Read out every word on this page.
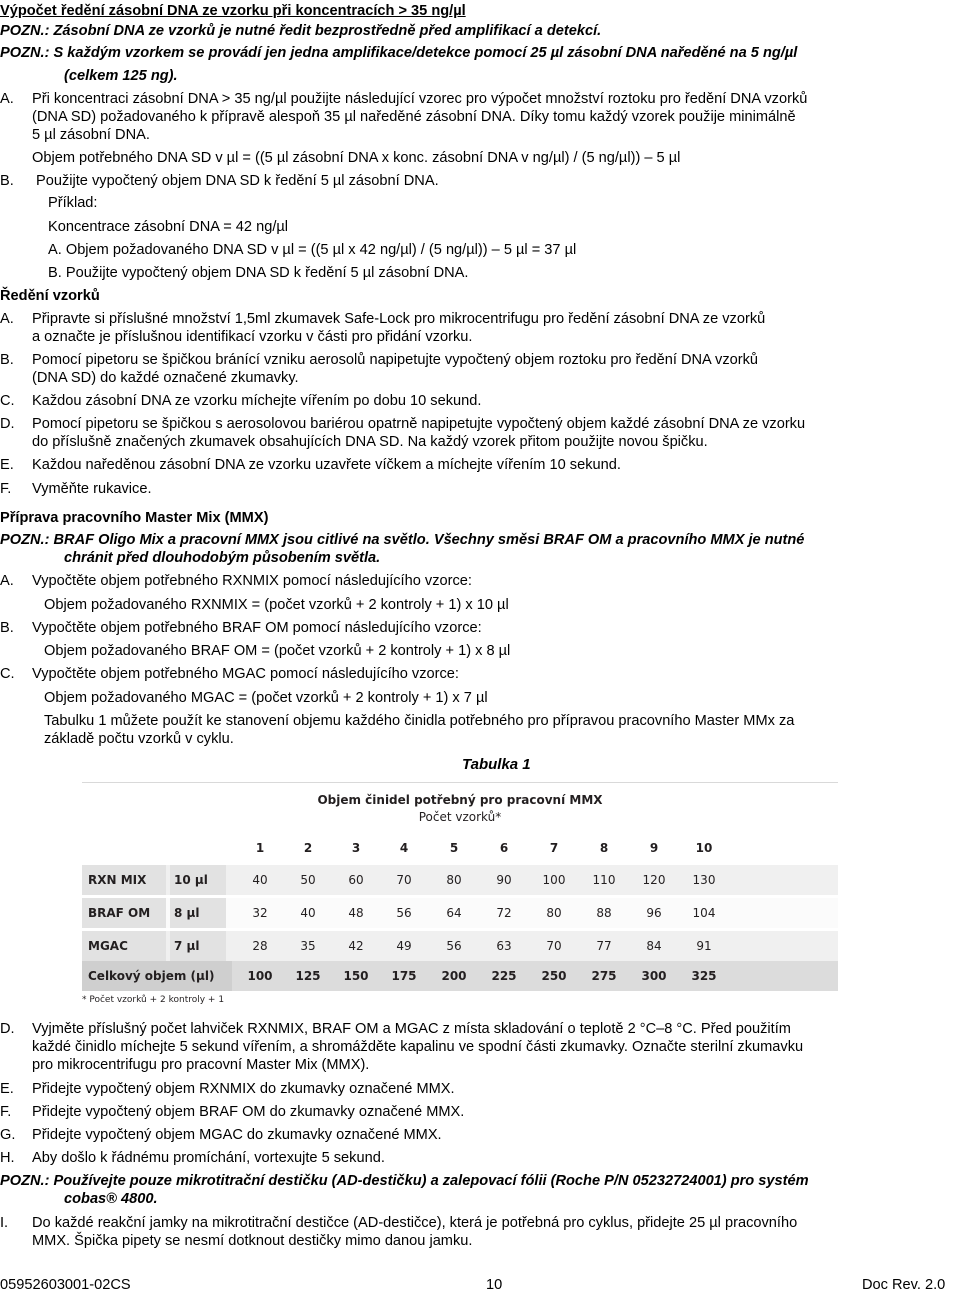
Výpočet ředění zásobní DNA ze vzorku při koncentracích > 35 ng/µl
POZN.: Zásobní DNA ze vzorků je nutné ředit bezprostředně před amplifikací a detekcí.
POZN.: S každým vzorkem se provádí jen jedna amplifikace/detekce pomocí 25 µl zásobní DNA naředěné na 5 ng/µl
(celkem 125 ng).
A. Při koncentraci zásobní DNA > 35 ng/µl použijte následující vzorec pro výpočet množství roztoku pro ředění DNA vzorků
(DNA SD) požadovaného k přípravě alespoň 35 µl naředěné zásobní DNA. Díky tomu každý vzorek použije minimálně
5 µl zásobní DNA.
Objem potřebného DNA SD v µl = ((5 µl zásobní DNA x konc. zásobní DNA v ng/µl) / (5 ng/µl)) ‒ 5 µl
B. Použijte vypočtený objem DNA SD k ředění 5 µl zásobní DNA.
Příklad:
Koncentrace zásobní DNA = 42 ng/µl
A. Objem požadovaného DNA SD v µl = ((5 µl x 42 ng/µl) / (5 ng/µl)) ‒ 5 µl = 37 µl
B. Použijte vypočtený objem DNA SD k ředění 5 µl zásobní DNA.
Ředění vzorků
A. Připravte si příslušné množství 1,5ml zkumavek Safe-Lock pro mikrocentrifugu pro ředění zásobní DNA ze vzorků
a označte je příslušnou identifikací vzorku v části pro přidání vzorku.
B. Pomocí pipetoru se špičkou bránící vzniku aerosolů napipetujte vypočtený objem roztoku pro ředění DNA vzorků
(DNA SD) do každé označené zkumavky.
C. Každou zásobní DNA ze vzorku míchejte vířením po dobu 10 sekund.
D. Pomocí pipetoru se špičkou s aerosolovou bariérou opatrně napipetujte vypočtený objem každé zásobní DNA ze vzorku
do příslušně značených zkumavek obsahujících DNA SD. Na každý vzorek přitom použijte novou špičku.
E. Každou naředěnou zásobní DNA ze vzorku uzavřete víčkem a míchejte vířením 10 sekund.
F. Vyměňte rukavice.
Příprava pracovního Master Mix (MMX)
POZN.: BRAF Oligo Mix a pracovní MMX jsou citlivé na světlo. Všechny směsi BRAF OM a pracovního MMX je nutné
chránit před dlouhodobým působením světla.
A. Vypočtěte objem potřebného RXNMIX pomocí následujícího vzorce:
Objem požadovaného RXNMIX = (počet vzorků + 2 kontroly + 1) x 10 µl
B. Vypočtěte objem potřebného BRAF OM pomocí následujícího vzorce:
Objem požadovaného BRAF OM = (počet vzorků + 2 kontroly + 1) x 8 µl
C. Vypočtěte objem potřebného MGAC pomocí následujícího vzorce:
Objem požadovaného MGAC = (počet vzorků + 2 kontroly + 1) x 7 µl
Tabulku 1 můžete použít ke stanovení objemu každého činidla potřebného pro přípravou pracovního Master MMx za
základě počtu vzorků v cyklu.
Tabulka 1
Objem činidel potřebný pro pracovní MMX
Počet vzorků*
1	2	3	4	5	6	7	8	9	10
RXN MIX	10 µl	40	50	60	70	80	90	100	110	120	130
BRAF OM	8 µl	32	40	48	56	64	72	80	88	96	104
MGAC	7 µl	28	35	42	49	56	63	70	77	84	91
Celkový objem (µl)	100	125	150	175	200	225	250	275	300	325
* Počet vzorků + 2 kontroly + 1
D. Vyjměte příslušný počet lahviček RXNMIX, BRAF OM a MGAC z místa skladování o teplotě 2 °C–8 °C. Před použitím
každé činidlo míchejte 5 sekund vířením, a shromážděte kapalinu ve spodní části zkumavky. Označte sterilní zkumavku
pro mikrocentrifugu pro pracovní Master Mix (MMX).
E. Přidejte vypočtený objem RXNMIX do zkumavky označené MMX.
F. Přidejte vypočtený objem BRAF OM do zkumavky označené MMX.
G. Přidejte vypočtený objem MGAC do zkumavky označené MMX.
H. Aby došlo k řádnému promíchání, vortexujte 5 sekund.
POZN.: Používejte pouze mikrotitrační destičku (AD-destičku) a zalepovací fólii (Roche P/N 05232724001) pro systém
cobas® 4800.
I. Do každé reakční jamky na mikrotitrační destičce (AD-destičce), která je potřebná pro cyklus, přidejte 25 µl pracovního
MMX. Špička pipety se nesmí dotknout destičky mimo danou jamku.
05952603001-02CS	10	Doc Rev. 2.0
